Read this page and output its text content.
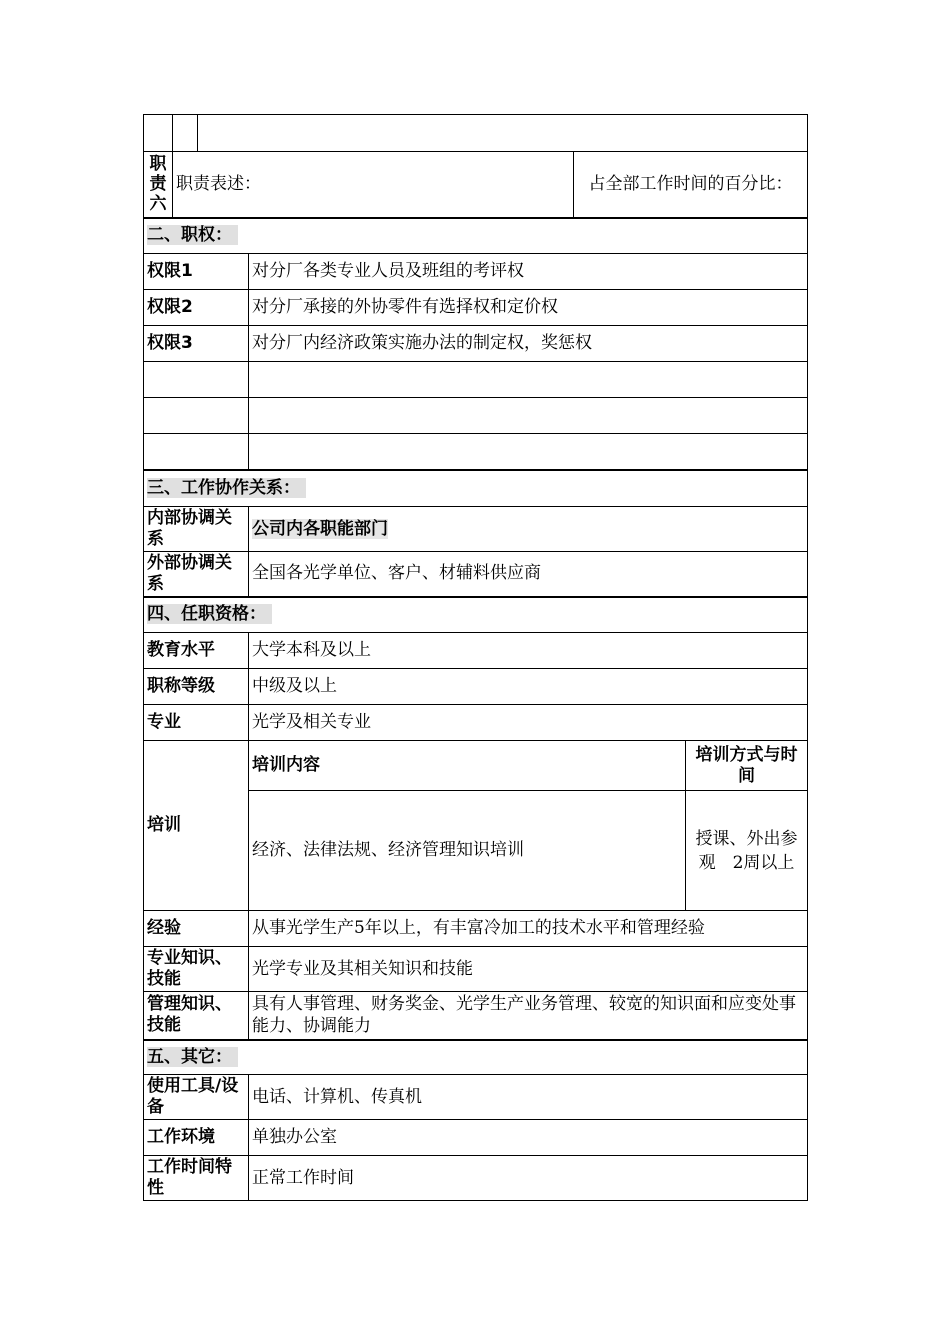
职责六	职责表述：			占全部工作时间的百分比：	
二、职权：					
权限1			对分厂各类专业人员及班组的考评权		
权限2			对分厂承接的外协零件有选择权和定价权		
权限3			对分厂内经济政策实施办法的制定权，奖惩权		

三、工作协作关系：					
内部协调关系			公司内各职能部门		
外部协调关系			全国各光学单位、客户、材辅料供应商		
四、任职资格：					
教育水平			大学本科及以上		
职称等级			中级及以上		
专业			光学及相关专业		
培训			培训内容		培训方式与时间
			经济、法律法规、经济管理知识培训		授课、外出参观　2周以上
经验			从事光学生产5年以上，有丰富冷加工的技术水平和管理经验		
专业知识、技能			光学专业及其相关知识和技能		
管理知识、技能			具有人事管理、财务奖金、光学生产业务管理、较宽的知识面和应变处事能力、协调能力		
五、其它：					
使用工具/设备			电话、计算机、传真机		
工作环境			单独办公室		
工作时间特性			正常工作时间		
